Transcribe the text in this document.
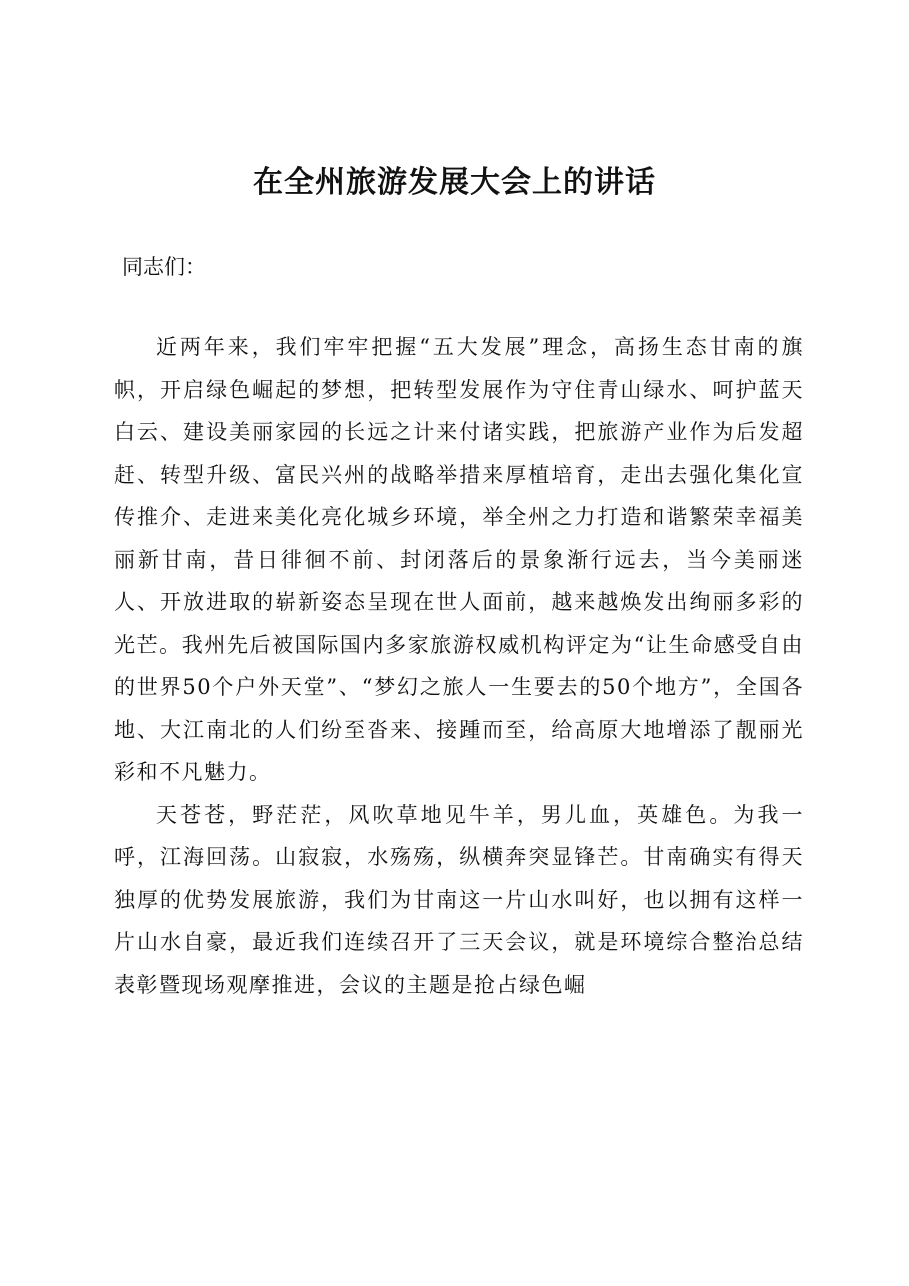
在全州旅游发展大会上的讲话

同志们：

近两年来，我们牢牢把握“五大发展”理念，高扬生态甘南的旗帜，开启绿色崛起的梦想，把转型发展作为守住青山绿水、呵护蓝天白云、建设美丽家园的长远之计来付诸实践，把旅游产业作为后发超赶、转型升级、富民兴州的战略举措来厚植培育，走出去强化集化宣传推介、走进来美化亮化城乡环境，举全州之力打造和谐繁荣幸福美丽新甘南，昔日徘徊不前、封闭落后的景象渐行远去，当今美丽迷人、开放进取的崭新姿态呈现在世人面前，越来越焕发出绚丽多彩的光芒。我州先后被国际国内多家旅游权威机构评定为“让生命感受自由的世界50个户外天堂”、“梦幻之旅人一生要去的50个地方”，全国各地、大江南北的人们纷至沓来、接踵而至，给高原大地增添了靓丽光彩和不凡魅力。

天苍苍，野茫茫，风吹草地见牛羊，男儿血，英雄色。为我一呼，江海回荡。山寂寂，水殇殇，纵横奔突显锋芒。甘南确实有得天独厚的优势发展旅游，我们为甘南这一片山水叫好，也以拥有这样一片山水自豪，最近我们连续召开了三天会议，就是环境综合整治总结表彰暨现场观摩推进，会议的主题是抢占绿色崛
